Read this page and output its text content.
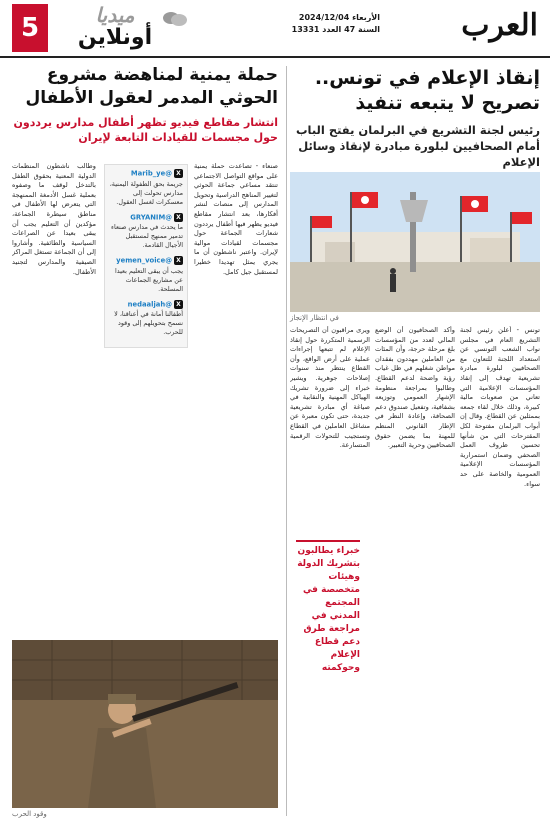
العرب
الأربعاء 2024/12/04
السنة 47 العدد 13331
5	ميديا
أونلاين
إنقاذ الإعلام في تونس.. تصريح لا يتبعه تنفيذ
رئيس لجنة التشريع في البرلمان يفتح الباب أمام الصحافيين لبلورة مبادرة لإنقاذ وسائل الإعلام
في انتظار الإنجاز

تونس - أعلن رئيس لجنة التشريع العام في مجلس نواب الشعب التونسي عن استعداد اللجنة للتعاون مع الصحافيين لبلورة مبادرة تشريعية تهدف إلى إنقاذ المؤسسات الإعلامية التي تعاني من صعوبات مالية كبيرة، وذلك خلال لقاء جمعه بممثلين عن القطاع. وقال إن أبواب البرلمان مفتوحة لكل المقترحات التي من شأنها تحسين ظروف العمل الصحفي وضمان استمرارية المؤسسات الإعلامية العمومية والخاصة على حد سواء.

وأكد الصحافيون أن الوضع المالي لعدد من المؤسسات بلغ مرحلة حرجة، وأن المئات من العاملين مهددون بفقدان مواطن شغلهم في ظل غياب رؤية واضحة لدعم القطاع. وطالبوا بمراجعة منظومة الإشهار العمومي وتوزيعه بشفافية، وتفعيل صندوق دعم الصحافة، وإعادة النظر في الإطار القانوني المنظم للمهنة بما يضمن حقوق الصحافيين وحرية التعبير.

ويرى مراقبون أن التصريحات الرسمية المتكررة حول إنقاذ الإعلام لم تتبعها إجراءات عملية على أرض الواقع، وأن القطاع ينتظر منذ سنوات إصلاحات جوهرية. ويشير خبراء إلى ضرورة تشريك الهياكل المهنية والنقابية في صياغة أي مبادرة تشريعية جديدة، حتى تكون معبرة عن مشاغل العاملين في القطاع وتستجيب للتحولات الرقمية المتسارعة.

خبراء يطالبون بتشريك الدولة وهيئات متخصصة في المجتمع المدني في مراجعة طرق دعم قطاع الإعلام وحوكمته
حملة يمنية لمناهضة مشروع الحوثي المدمر لعقول الأطفال
انتشار مقاطع فيديو تظهر أطفال مدارس يرددون حول مجسمات للقيادات التابعة لإيران

صنعاء - تصاعدت حملة يمنية على مواقع التواصل الاجتماعي تنتقد مساعي جماعة الحوثي لتغيير المناهج الدراسية وتحويل المدارس إلى منصات لنشر أفكارها، بعد انتشار مقاطع فيديو يظهر فيها أطفال يرددون شعارات الجماعة حول مجسمات لقيادات موالية لإيران. واعتبر ناشطون أن ما يجري يمثل تهديدا خطيرا لمستقبل جيل كامل.

X@Marib_ye
جريمة بحق الطفولة اليمنية، مدارس تحولت إلى معسكرات لغسل العقول.
X@GRYANIM
ما يحدث في مدارس صنعاء تدمير ممنهج لمستقبل الأجيال القادمة.
X@yemen_voice
يجب أن يبقى التعليم بعيدا عن مشاريع الجماعات المسلحة.
X@nedaaljah
أطفالنا أمانة في أعناقنا، لا نسمح بتحويلهم إلى وقود للحرب.

وطالب ناشطون المنظمات الدولية المعنية بحقوق الطفل بالتدخل لوقف ما وصفوه بعملية غسل الأدمغة الممنهجة التي يتعرض لها الأطفال في مناطق سيطرة الجماعة، مؤكدين أن التعليم يجب أن يبقى بعيدا عن الصراعات السياسية والطائفية. وأشاروا إلى أن الجماعة تستغل المراكز الصيفية والمدارس لتجنيد الأطفال.

وقود الحرب
